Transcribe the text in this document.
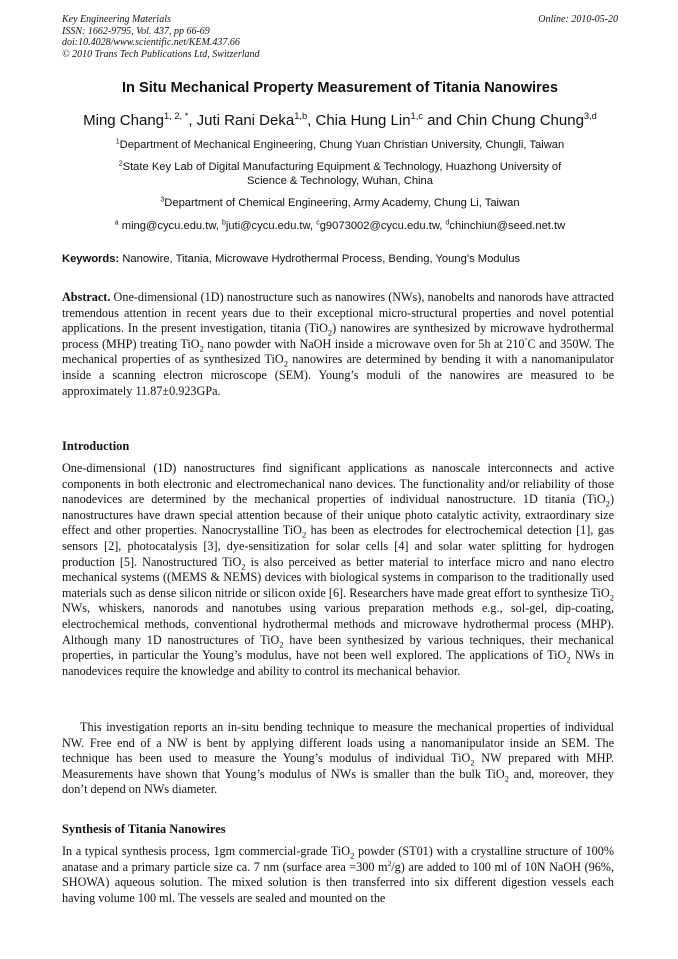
Key Engineering Materials
ISSN: 1662-9795, Vol. 437, pp 66-69
doi:10.4028/www.scientific.net/KEM.437.66
© 2010 Trans Tech Publications Ltd, Switzerland
Online: 2010-05-20
In Situ Mechanical Property Measurement of Titania Nanowires
Ming Chang$^{1, 2, *}$, Juti Rani Deka$^{1,b}$, Chia Hung Lin$^{1,c}$ and Chin Chung Chung$^{3,d}$
$^1$Department of Mechanical Engineering, Chung Yuan Christian University, Chungli, Taiwan
$^2$State Key Lab of Digital Manufacturing Equipment & Technology, Huazhong University of
Science & Technology, Wuhan, China
$^3$Department of Chemical Engineering, Army Academy, Chung Li, Taiwan
$^a$ ming@cycu.edu.tw, $^b$juti@cycu.edu.tw, $^c$g9073002@cycu.edu.tw, $^d$chinchiun@seed.net.tw
Keywords: Nanowire, Titania, Microwave Hydrothermal Process, Bending, Young’s Modulus

Abstract. One-dimensional (1D) nanostructure such as nanowires (NWs), nanobelts and nanorods have attracted tremendous attention in recent years due to their exceptional micro-structural properties and novel potential applications. In the present investigation, titania (TiO$_2$) nanowires are synthesized by microwave hydrothermal process (MHP) treating TiO$_2$ nano powder with NaOH inside a microwave oven for 5h at 210°C and 350W. The mechanical properties of as synthesized TiO$_2$ nanowires are determined by bending it with a nanomanipulator inside a scanning electron microscope (SEM). Young’s moduli of the nanowires are measured to be approximately 11.87±0.923GPa.

Introduction

One-dimensional (1D) nanostructures find significant applications as nanoscale interconnects and active components in both electronic and electromechanical nano devices. The functionality and/or reliability of those nanodevices are determined by the mechanical properties of individual nanostructure. 1D titania (TiO$_2$) nanostructures have drawn special attention because of their unique photo catalytic activity, extraordinary size effect and other properties. Nanocrystalline TiO$_2$ has been as electrodes for electrochemical detection [1], gas sensors [2], photocatalysis [3], dye-sensitization for solar cells [4] and solar water splitting for hydrogen production [5]. Nanostructured TiO$_2$ is also perceived as better material to interface micro and nano electro mechanical systems ((MEMS & NEMS) devices with biological systems in comparison to the traditionally used materials such as dense silicon nitride or silicon oxide [6]. Researchers have made great effort to synthesize TiO$_2$ NWs, whiskers, nanorods and nanotubes using various preparation methods e.g., sol-gel, dip-coating, electrochemical methods, conventional hydrothermal methods and microwave hydrothermal process (MHP). Although many 1D nanostructures of TiO$_2$ have been synthesized by various techniques, their mechanical properties, in particular the Young’s modulus, have not been well explored. The applications of TiO$_2$ NWs in nanodevices require the knowledge and ability to control its mechanical behavior.

This investigation reports an in-situ bending technique to measure the mechanical properties of individual NW. Free end of a NW is bent by applying different loads using a nanomanipulator inside an SEM. The technique has been used to measure the Young’s modulus of individual TiO$_2$ NW prepared with MHP. Measurements have shown that Young’s modulus of NWs is smaller than the bulk TiO$_2$ and, moreover, they don’t depend on NWs diameter.

Synthesis of Titania Nanowires

In a typical synthesis process, 1gm commercial-grade TiO$_2$ powder (ST01) with a crystalline structure of 100% anatase and a primary particle size ca. 7 nm (surface area =300 $m^2/g$) are added to 100 ml of 10N NaOH (96%, SHOWA) aqueous solution. The mixed solution is then transferred into six different digestion vessels each having volume 100 ml. The vessels are sealed and mounted on the
